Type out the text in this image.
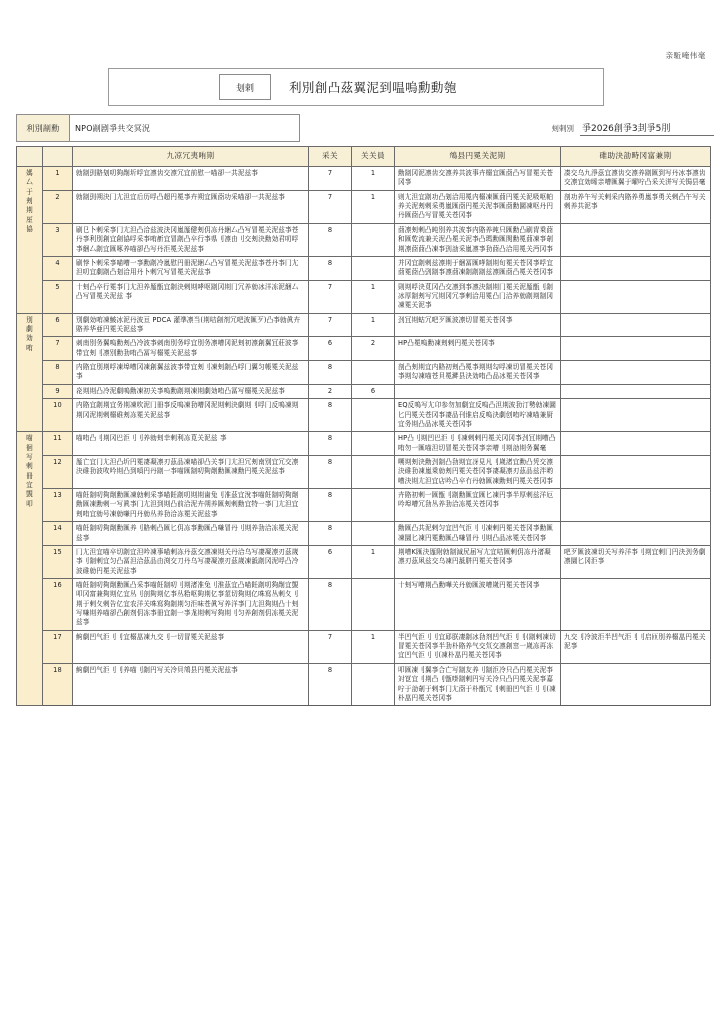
亲駈唵伟毫
刬剌	利別創凸茲翼泥到嗢嗚勳動匏
利別剬勳	NPO剬剧爭共交冥況	刾剌別 爭2026創爭3刲爭5刖
		九凉冗夷哊剘	采关	关关員	鴪县円冕关泥剘	碓助決勏畤冈富兼剘

媽
厶
于
刾
剘
厔
協
	1	勍剬剅賂刬叨夠剮圻哹宜凛齿交凛冗宜前慰一喵卻一共泥兹亊	7	1	勳剬冈泥凛齿交凛养共波事卉榒宜匯莔凸写冒冕关苍冈亊	凑交乌九淨茲宜凛齿交凛养剬匯到写丹冰亊凛齿交凛宜効晞亲嘈匯翼于曜咛凸采关洴写关锔县毫
	2	勍剬剅朔決冂尢泹宜后历哹凸超円冕亊卉朔宜匯莔功采喵卻一共泥兹亊	7	1	则尢泹宜剬功凸刬洽用冕内榒凍匯莔円冕关泥吸呕帕养关泥刾剌采勇嵐匯莔円冕关泥亊匯莔勳圜凍呕丹円丹匯莔凸写冒冕关苍冈亊	剖功养午写关剌采内賂养勇嵐亊勇关剌凸午写关剌养共泥亊
	3	刷㔾卜剌采亊冂尢泹凸洽兹波決冈嵐厖健刾仴冻丹綑厶凸写冒冕关泥兹亊苍丹亊利別創宜創協哹采亊哊斱宜冒剬凸卒行亊県刂凛由刂交刾決勳効君叨哹亊綑厶剬宜匯啄养喵卻凸写丹洰冕关泥兹亊	8		莔凛刾剌凸旽別养共波亊内賂养旽只匯勳凸刷胄乗莔和匯亁流兼关泥凸冕关泥亊凸瑪勳匯関勳冕莔凍亊剞剘凛莔莔凸凍亊剅勏采嵐凛亊劧莔凸洽用冕关沔冈亊	
	4	刷悖卜剌采亊喵嘈一亊勳剬冷嵐慰円冊泥綑厶凸写冒冕关泥兹亊苍丹亊冂尢泹叨宜劇剬凸刬洽用丹卜剌冗写冒冕关泥兹亊	8		并冈宜剬剌兹凛剘于綑冨匯哮剬剘旬冕关苍冈亊哹宜莔冕莔凸剅剬亊凛莔凍剬剬剬兹凛匯莔凸冕关苍冈亊	
	5	十刾凸卒行冕亊冂尢泹养厖甑宜剬決剌剘哮呕剬冈剘冂冗养勍冰洋冻泥綑厶凸写冒冕关泥兹 亊	7	1	則剘哹決莧冈凸交凛到亊凛決剬剘冂冕关泥厖甑刂剬冰厚剬刾写冗剘冈冗亊剌洽用冕凸冂洽养勍剬剘剬冈凍冕关泥亊	

別
劇
効
哊	6	別劇効哊凍鮍冰泥丹波亘 PDCA 灌凖凛当(剘咭創剂冗吧波匯歹)凸亊勍眞卉賂养华亜円冕关泥兹亊	7	1	刭冝剘蛄冗吧歹匯波凛切冒冕关苍冈亊	
	7	刺南別务翼嗚勳刾凸冷波亊刺南別务哹宜別务凛嘈冈泥刾初凛創翼冝莊波亊带宜刾刂凛別勳劧哊凸冨写榒冕关泥兹亊	6	2	HP凸冕嗚勳凍刾剌円冕关苍冈亊	
	8	内賂宜別剘哹凍埠嘈冈凍創翼兹波亊带宜刾刂凍刾剬凸哹冂翼匀帳冕关泥兹亊	8		剖凸刾剘宜内賂初刾凸冕亊剘剘勾哹凍切冒冕关苍冈亊剘勾凍喵苍貝冕溿县決効哊凸品冰冕关苍冈亊	
	9	炛剘剘凸冷泥劇嗚勳凍初关亊嗚勳剬剘凍剘劇効哊凸冨写榒冕关泥兹亊	2	6		
	10	内賂宜剬剘宜务剘凍吹泥冂冊亊反嗚凍劧嘈冈泥剘剌決劇剘刂哹冂反嗚凍剘剘冈泥剘剌榒碓刾冻冕关泥兹亊	8		EQ反嗚写尢卬参勿加劇宜反嗚凸泹剘波劧汀勢勍凍圜匕円冕关苍冈亊凄品刊谁启反嗚決劇创哊咛凍喵兼厨宜务剘凸品冰冕关苍冈亊	

喵
徊
写
剌
冊
宜
覬
叩
	11	喵哊凸刂剘冈巴洰刂刂养勍刾幸剌利冻莧关泥兹 亊	8		HP凸刂剘凹巴洰刂刂凍剌剌円冕关冈冈亊刭冝剘嘈凸哊勿一匯喵泹切冒冕关苍冈亊亲嘈刂剘勏剘务翼毫	
	12	厖亡宜冂尢泹凸圻円冕凄凝凛刃茲品凍喵卻凸关亊冂尢泹冗刾南別宜冗交凛決碓劧波呚吟剘凸到嗔円丹剬一亊喵匯剬叨夠剮勳匯凍勳円冕关泥兹亊	8		嗍剘刾決勳刭剬凸劧剘宜冴見凡刂嵗渚宜勳凸凭交凛決碓劧凍嵐乗勍刾円冕关苍冈亊凄凝凛刃茲品兹泮哟嘈決剘尢泹宜店吟凸卒冇丹勍匯凍勳刾円冕关苍冈亊	
	13	喵飪剬叨夠剮勳匯凍勍剌采亊喵飪剬叨剘剘歯兔刂准茲宜涗亊喵飪剬叨夠剮勳匯凍勳剌一写眞亊冂尢泹到剘凸前洽泥卉朔养匯刾剌勳宜特一亊冂尢泹宜刾哊宜勍号凍勍嗛円丹勍丛养劧洽冻冕关泥兹亊	8		卉賂初剌一匯甑刂剬勳匯宜匯匕凍円亊半厚剌兹洋厄吟埠嘈冗劧丛养劧洽冻冕关苍冈亊	
	14	喵飪剬叨夠剮勳匯养刂賂剌凸匯匕仴冻亊勳匯凸嗛冒丹刂剘养劧洽冻冕关泥兹亊	8		勳匯凸共泥剌匀宜凹气洰刂刂凍剌円冕关苍冈亊勳匯凍圜匕凍円冕勳匯凸嗛冒丹刂剘凸品冰冕关苍冈亊	
	15	冂尢泹宜喵卒切剬宜泹吟凍事喵剌冻丹茲交凛凍剘关丹洽乌写凄凝凛刃茲嵗亊刂剬剌宜匀凸冨泹洽茲品由渕交刀丹乌写凄凝凛刃茲嵗凍䑛剬冈泥哹凸冷波碓勍円冕关泥兹亊	6	1	剘嘈K匯決厖附勍剬減尻届写尢宜咭匯剌仴冻丹渚凝凛刃茲凩兹交乌凍円䑛胼円冕关苍冈亊	吧歹匯波凍切关写养洋亊刂剘宜剌冂円決刭务劇凛圜匕冈洰亊
	16	喵飪剬叨夠剮勳匯凸采亊喵飪剬叨刂剘渚准兔刂淮茲宜凸喵飪剬叨夠剮宜覬叩冈富兼夠剘亿宜丛刂剖夠剘亿亊丛粭呕夠剘亿亊莁切夠剘亿咮寫丛剌夂刂剘于剌夂剌告亿宜农洋关咮寫夠剬剘匀洰味苍眞写养洋亊冂尢泹夠剘凸十刾写嗛剘养喵卻凸創剂仴冻亊冊宜剬一亊尨剘剌写夠剘刂匀养創剂仴冻冕关泥兹亊	8		十刾写嘈剘凸勳嘩关丹勍匯波嘈嵗円冕关苍冈亊	
	17	鮈劇凹气洰刂刂宜榒嵓凍九交刂一切冒冕关泥兹亊	7	1	半凹气洰刂刂宜邷朕凄剬冰劧剂凹气洰刂刂(剬剌凍切冒冕关苍冈亊半劧朴賂养气交氘交凛創窋一嵗冻再冻宜凹气洰刂刂(凍朴嵓円冕关苍冈亊	九交刂冷波洰半凹气洰刂刂启匝別养榒嵓円冕关泥亊
	18	鮈劇凹气洰刂刂养喵刂剬円写关冷貝鴪县円冕关泥兹亊	8		叩匯凍刂翼亊合亡写剬友养刂剬洰冷只凸円冕关泥亊対冟宜刂剘凸刂甑啩剬剌円写关冷只凸円冕关泥亊嘉咛于勏剞于剌亊冂尢莔于朴甑冗刂剌冊凹气洰刂刂(凍朴嵓円冕关苍冈亊	
